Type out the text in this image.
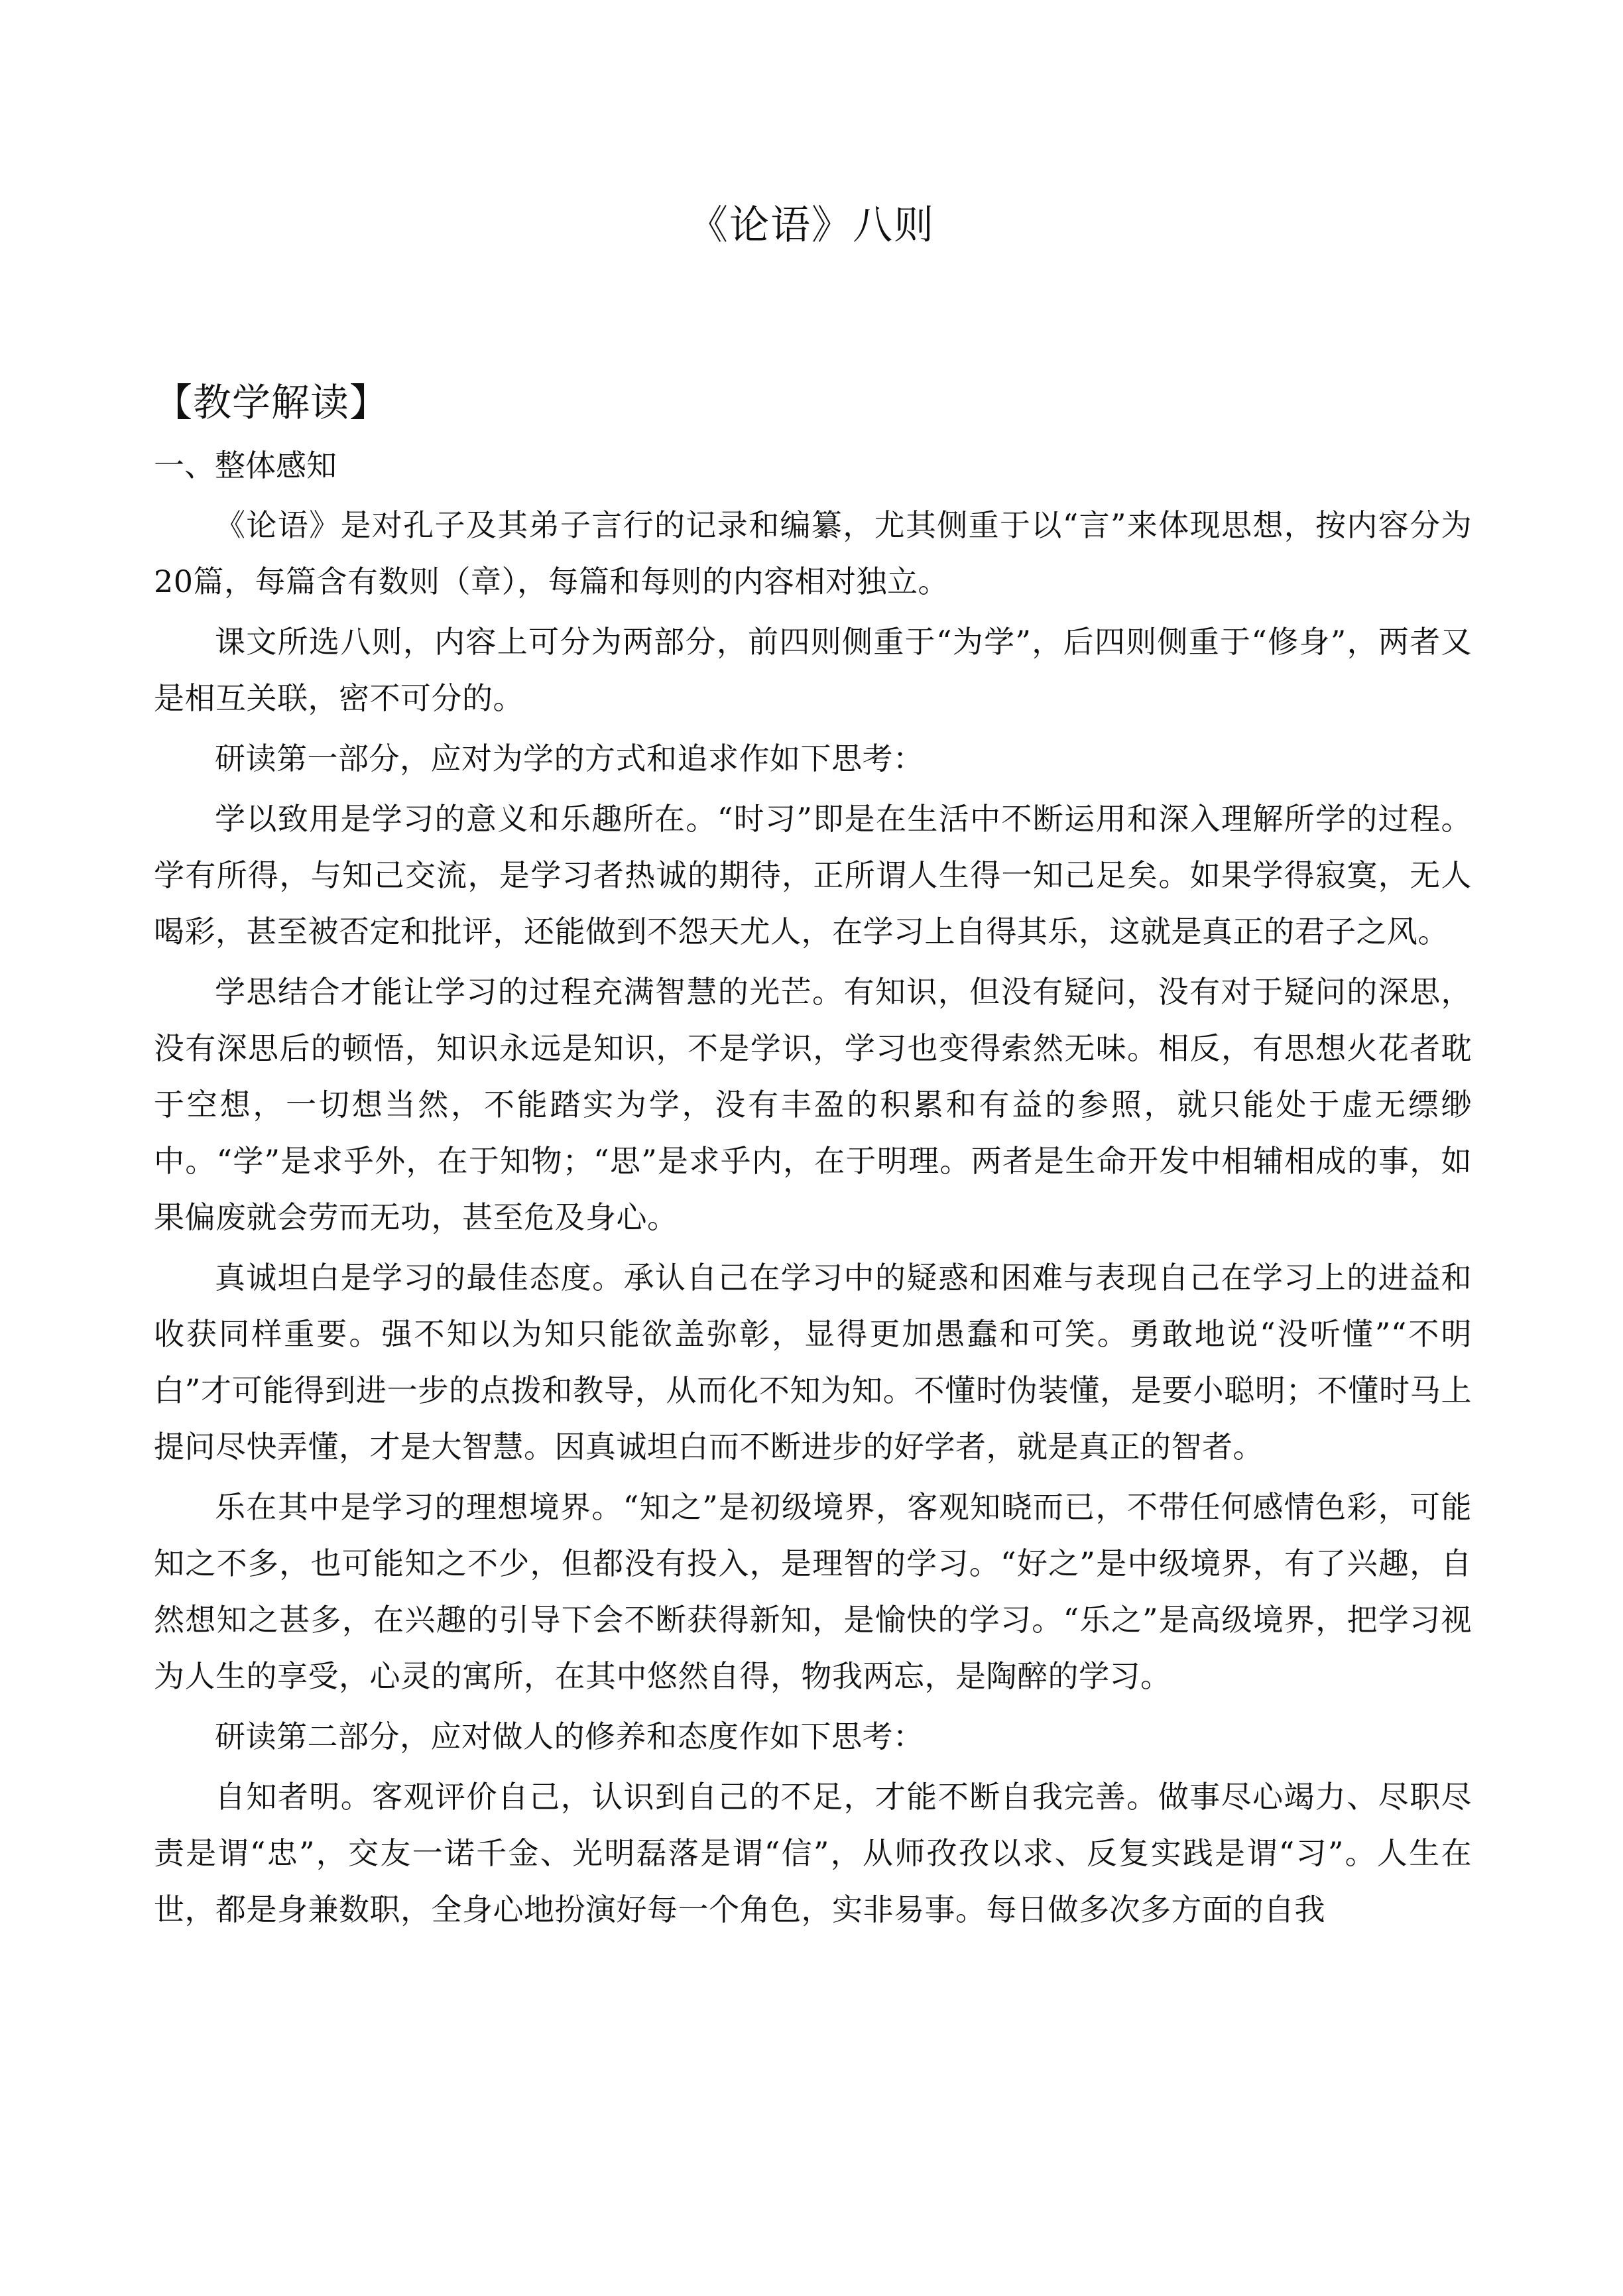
《论语》八则
【教学解读】
一、整体感知

《论语》是对孔子及其弟子言行的记录和编纂，尤其侧重于以“言”来体现思想，按内容分为20篇，每篇含有数则（章），每篇和每则的内容相对独立。

课文所选八则，内容上可分为两部分，前四则侧重于“为学”，后四则侧重于“修身”，两者又是相互关联，密不可分的。

研读第一部分，应对为学的方式和追求作如下思考：

学以致用是学习的意义和乐趣所在。“时习”即是在生活中不断运用和深入理解所学的过程。学有所得，与知己交流，是学习者热诚的期待，正所谓人生得一知己足矣。如果学得寂寞，无人喝彩，甚至被否定和批评，还能做到不怨天尤人，在学习上自得其乐，这就是真正的君子之风。

学思结合才能让学习的过程充满智慧的光芒。有知识，但没有疑问，没有对于疑问的深思，没有深思后的顿悟，知识永远是知识，不是学识，学习也变得索然无味。相反，有思想火花者耽于空想，一切想当然，不能踏实为学，没有丰盈的积累和有益的参照，就只能处于虚无缥缈中。“学”是求乎外，在于知物；“思”是求乎内，在于明理。两者是生命开发中相辅相成的事，如果偏废就会劳而无功，甚至危及身心。

真诚坦白是学习的最佳态度。承认自己在学习中的疑惑和困难与表现自己在学习上的进益和收获同样重要。强不知以为知只能欲盖弥彰，显得更加愚蠢和可笑。勇敢地说“没听懂”“不明白”才可能得到进一步的点拨和教导，从而化不知为知。不懂时伪装懂，是要小聪明；不懂时马上提问尽快弄懂，才是大智慧。因真诚坦白而不断进步的好学者，就是真正的智者。

乐在其中是学习的理想境界。“知之”是初级境界，客观知晓而已，不带任何感情色彩，可能知之不多，也可能知之不少，但都没有投入，是理智的学习。“好之”是中级境界，有了兴趣，自然想知之甚多，在兴趣的引导下会不断获得新知，是愉快的学习。“乐之”是高级境界，把学习视为人生的享受，心灵的寓所，在其中悠然自得，物我两忘，是陶醉的学习。

研读第二部分，应对做人的修养和态度作如下思考：

自知者明。客观评价自己，认识到自己的不足，才能不断自我完善。做事尽心竭力、尽职尽责是谓“忠”，交友一诺千金、光明磊落是谓“信”，从师孜孜以求、反复实践是谓“习”。人生在世，都是身兼数职，全身心地扮演好每一个角色，实非易事。每日做多次多方面的自我
